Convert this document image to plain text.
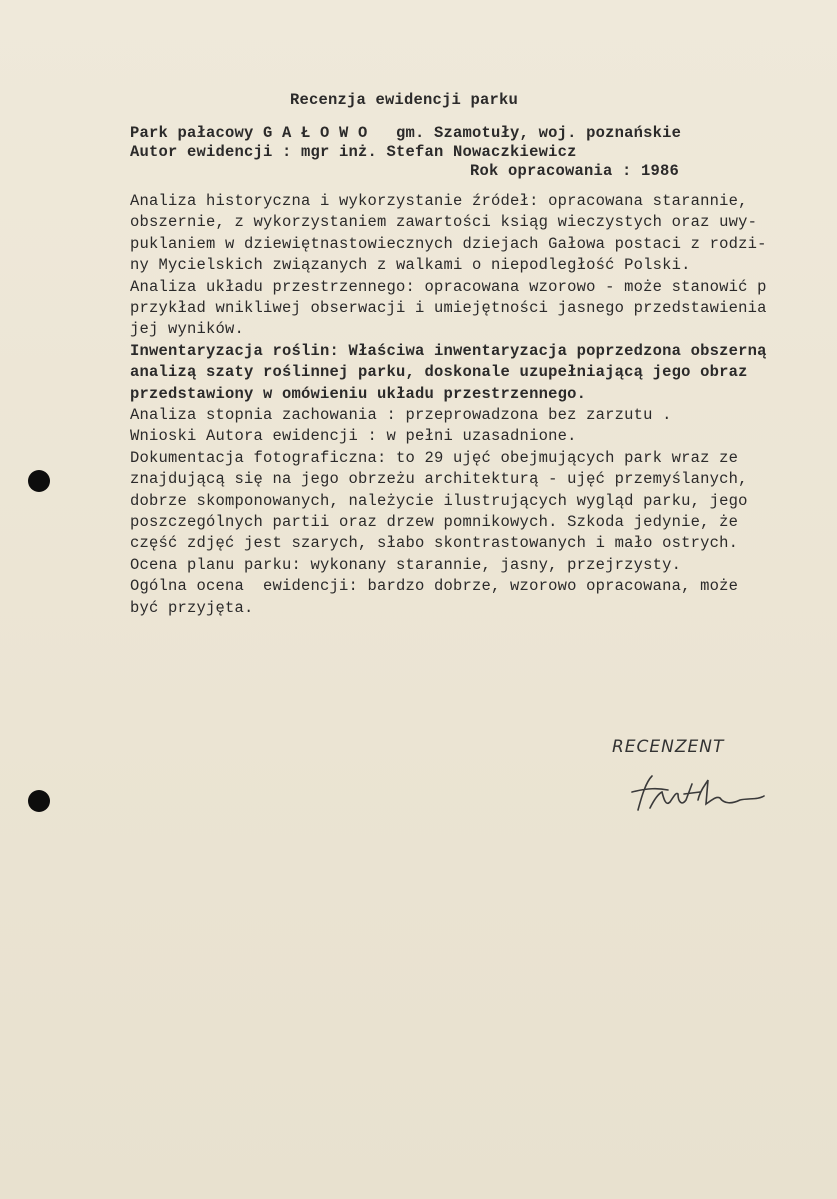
Recenzja ewidencji parku
Park pałacowy G A Ł O W O   gm. Szamotuły, woj. poznańskie
Autor ewidencji : mgr inż. Stefan Nowaczkiewicz
Rok opracowania : 1986
Analiza historyczna i wykorzystanie źródeł: opracowana starannie,
obszernie, z wykorzystaniem zawartości ksiąg wieczystych oraz uwy-
puklaniem w dziewiętnastowiecznych dziejach Gałowa postaci z rodzi-
ny Mycielskich związanych z walkami o niepodległość Polski.
Analiza układu przestrzennego: opracowana wzorowo - może stanowić p
przykład wnikliwej obserwacji i umiejętności jasnego przedstawienia
jej wyników.
Inwentaryzacja roślin: Właściwa inwentaryzacja poprzedzona obszerną
analizą szaty roślinnej parku, doskonale uzupełniającą jego obraz
przedstawiony w omówieniu układu przestrzennego.
Analiza stopnia zachowania : przeprowadzona bez zarzutu .
Wnioski Autora ewidencji : w pełni uzasadnione.
Dokumentacja fotograficzna: to 29 ujęć obejmujących park wraz ze
znajdującą się na jego obrzeżu architekturą - ujęć przemyślanych,
dobrze skomponowanych, należycie ilustrujących wygląd parku, jego
poszczególnych partii oraz drzew pomnikowych. Szkoda jedynie, że
część zdjęć jest szarych, słabo skontrastowanych i mało ostrych.
Ocena planu parku: wykonany starannie, jasny, przejrzysty.
Ogólna ocena  ewidencji: bardzo dobrze, wzorowo opracowana, może
być przyjęta.
RECENZENT
